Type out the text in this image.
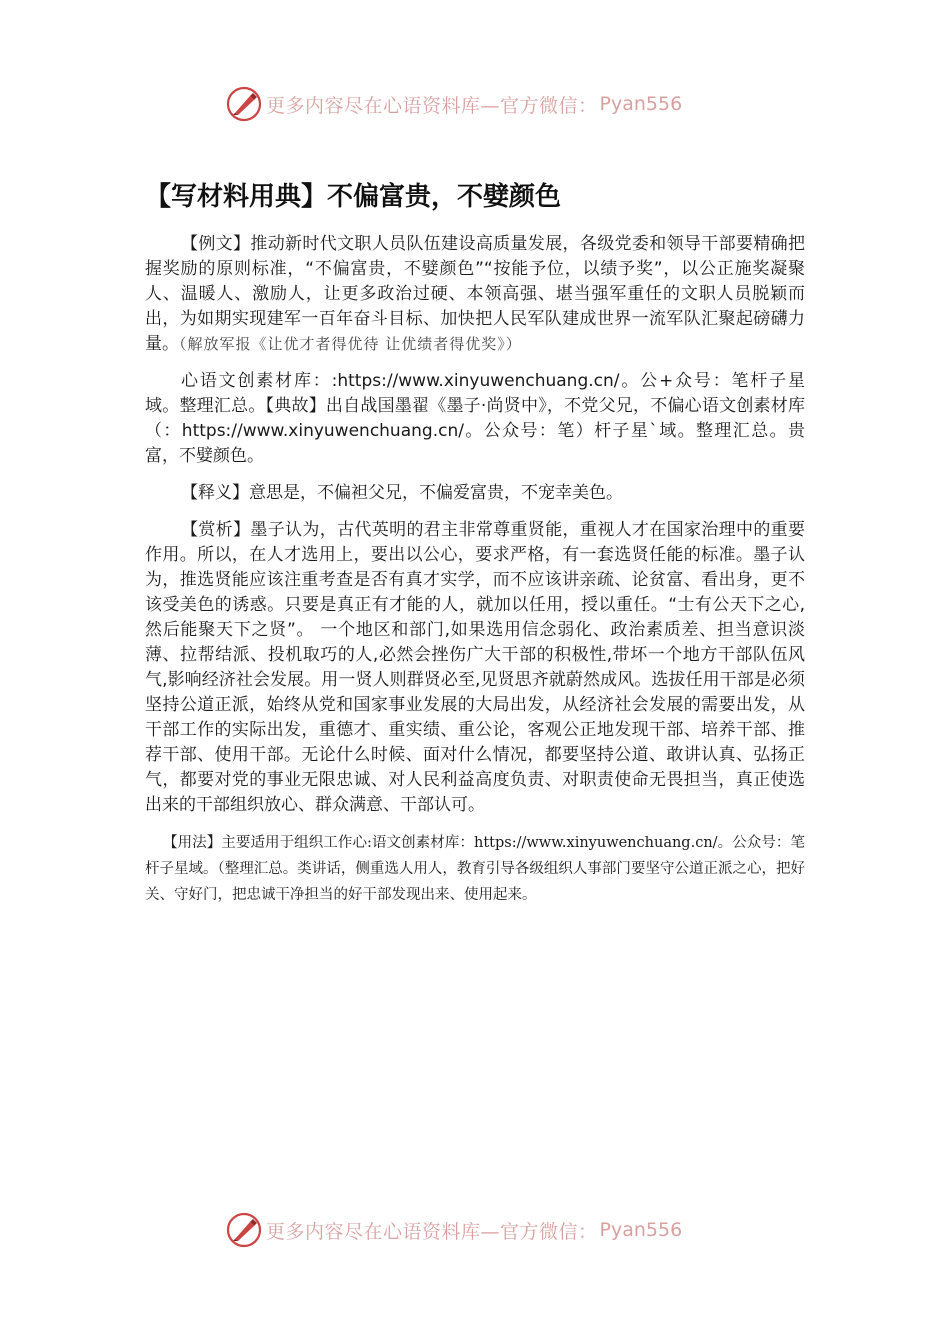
更多内容尽在心语资料库—官方微信： Pyan556
【写材料用典】不偏富贵，不嬖颜色

【例文】推动新时代文职人员队伍建设高质量发展，各级党委和领导干部要精确把握奖励的原则标准，“不偏富贵，不嬖颜色”“按能予位，以绩予奖”，以公正施奖凝聚人、温暖人、激励人，让更多政治过硬、本领高强、堪当强军重任的文职人员脱颖而出，为如期实现建军一百年奋斗目标、加快把人民军队建成世界一流军队汇聚起磅礴力量。（解放军报《让优才者得优待 让优绩者得优奖》）

心语文创素材库：:https://www.xinyuwenchuang.cn/。公+众号：笔杆子星域。整理汇总。【典故】出自战国墨翟《墨子·尚贤中》，不党父兄，不偏心语文创素材库（：https://www.xinyuwenchuang.cn/。公众号：笔）杆子星`域。整理汇总。贵富，不嬖颜色。

【释义】意思是，不偏袒父兄，不偏爱富贵，不宠幸美色。

【赏析】墨子认为，古代英明的君主非常尊重贤能，重视人才在国家治理中的重要作用。所以，在人才选用上，要出以公心，要求严格，有一套选贤任能的标准。墨子认为，推选贤能应该注重考查是否有真才实学，而不应该讲亲疏、论贫富、看出身，更不该受美色的诱惑。只要是真正有才能的人，就加以任用，授以重任。“士有公天下之心,然后能聚天下之贤”。 一个地区和部门,如果选用信念弱化、政治素质差、担当意识淡薄、拉帮结派、投机取巧的人,必然会挫伤广大干部的积极性,带坏一个地方干部队伍风气,影响经济社会发展。用一贤人则群贤必至,见贤思齐就蔚然成风。选拔任用干部是必须坚持公道正派，始终从党和国家事业发展的大局出发，从经济社会发展的需要出发，从干部工作的实际出发，重德才、重实绩、重公论，客观公正地发现干部、培养干部、推荐干部、使用干部。无论什么时候、面对什么情况，都要坚持公道、敢讲认真、弘扬正气，都要对党的事业无限忠诚、对人民利益高度负责、对职责使命无畏担当，真正使选出来的干部组织放心、群众满意、干部认可。

【用法】主要适用于组织工作心:语文创素材库：https://www.xinyuwenchuang.cn/。公众号：笔杆子星域。（整理汇总。类讲话，侧重选人用人，教育引导各级组织人事部门要坚守公道正派之心，把好关、守好门，把忠诚干净担当的好干部发现出来、使用起来。

更多内容尽在心语资料库—官方微信： Pyan556
